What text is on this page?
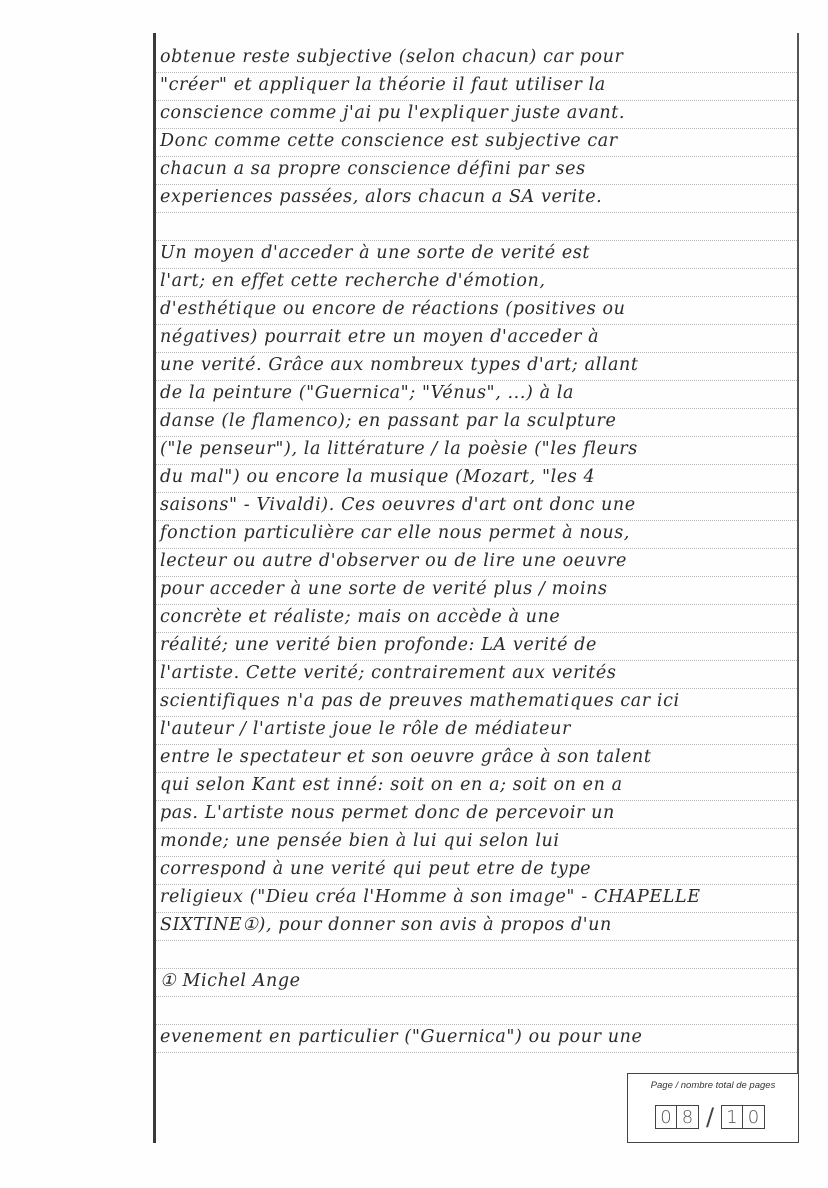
obtenue reste subjective (selon chacun) car pour
"créer" et appliquer la théorie il faut utiliser la
conscience comme j'ai pu l'expliquer juste avant.
Donc comme cette conscience est subjective car
chacun a sa propre conscience défini par ses
experiences passées, alors chacun a SA verite.
Un moyen d'acceder à une sorte de verité est
l'art; en effet cette recherche d'émotion,
d'esthétique ou encore de réactions (positives ou
négatives) pourrait etre un moyen d'acceder à
une verité. Grâce aux nombreux types d'art; allant
de la peinture ("Guernica"; "Vénus", ...) à la
danse (le flamenco); en passant par la sculpture
("le penseur"), la littérature / la poèsie ("les fleurs
du mal") ou encore la musique (Mozart, "les 4
saisons" - Vivaldi). Ces oeuvres d'art ont donc une
fonction particulière car elle nous permet à nous,
lecteur ou autre d'observer ou de lire une oeuvre
pour acceder à une sorte de verité plus / moins
concrète et réaliste; mais on accède à une
réalité; une verité bien profonde: LA verité de
l'artiste. Cette verité; contrairement aux verités
scientifiques n'a pas de preuves mathematiques car ici
l'auteur / l'artiste joue le rôle de médiateur
entre le spectateur et son oeuvre grâce à son talent
qui selon Kant est inné: soit on en a; soit on en a
pas. L'artiste nous permet donc de percevoir un
monde; une pensée bien à lui qui selon lui
correspond à une verité qui peut etre de type
religieux ("Dieu créa l'Homme à son image" - CHAPELLE
SIXTINE①), pour donner son avis à propos d'un
① Michel Ange
evenement en particulier ("Guernica") ou pour une
Page / nombre total de pages
0 8 / 1 0
